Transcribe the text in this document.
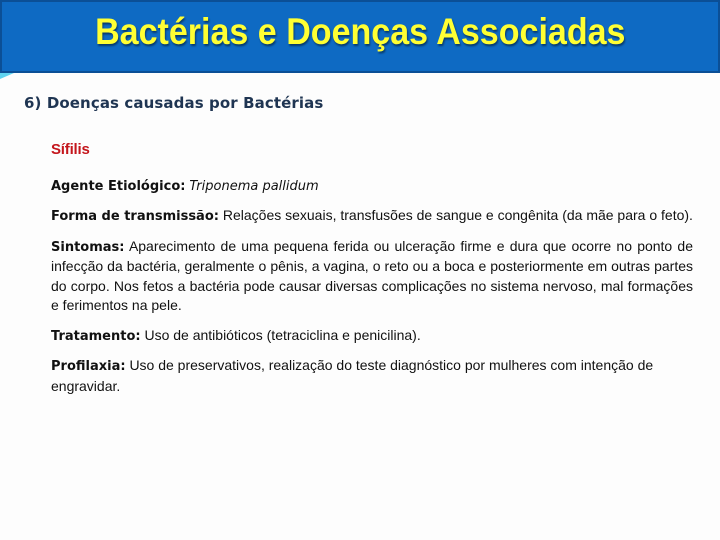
Bactérias e Doenças Associadas
6) Doenças causadas por Bactérias
Sífilis

Agente Etiológico: Triponema pallidum

Forma de transmissão: Relações sexuais, transfusões de sangue e congênita (da mãe para o feto).

Sintomas: Aparecimento de uma pequena ferida ou ulceração firme e dura que ocorre no ponto de infecção da bactéria, geralmente o pênis, a vagina, o reto ou a boca e posteriormente em outras partes do corpo. Nos fetos a bactéria pode causar diversas complicações no sistema nervoso, mal formações e ferimentos na pele.

Tratamento: Uso de antibióticos (tetraciclina e penicilina).

Profilaxia: Uso de preservativos, realização do teste diagnóstico por mulheres com intenção de engravidar.
